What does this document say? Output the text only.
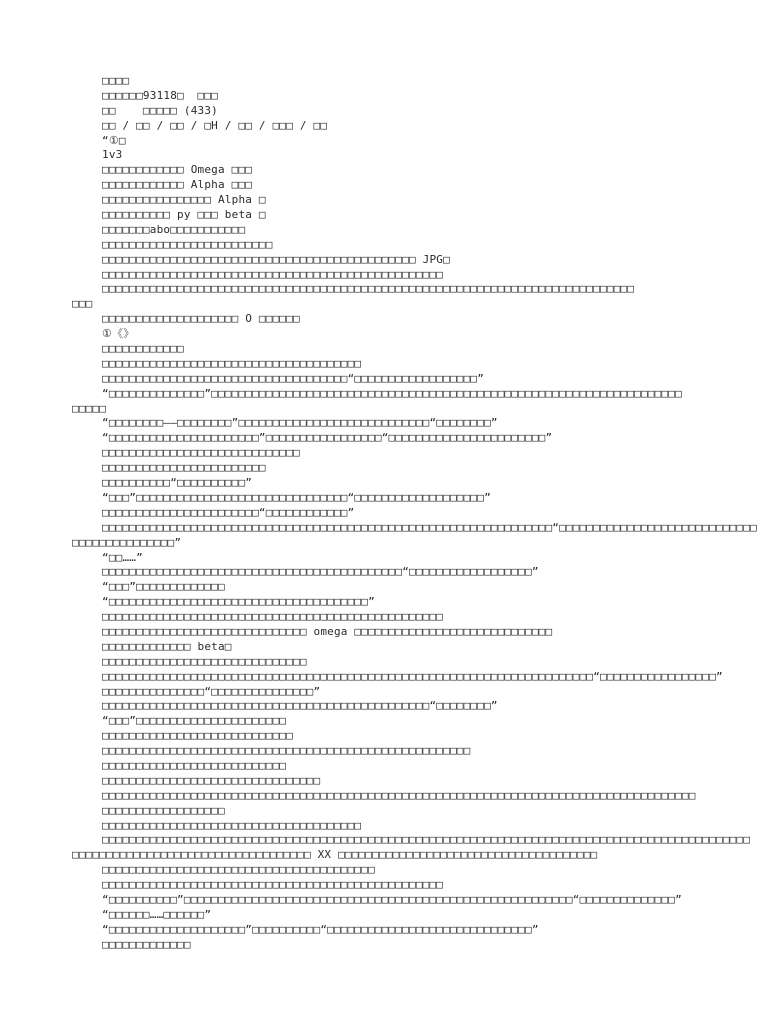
□□□□
□□□□□□93118□  □□□
□□    □□□□□ (433)
□□ / □□ / □□ / □H / □□ / □□□ / □□
“①□
1v3
□□□□□□□□□□□□ Omega □□□
□□□□□□□□□□□□ Alpha □□□
□□□□□□□□□□□□□□□□ Alpha □
□□□□□□□□□□ py □□□ beta □
□□□□□□□abo□□□□□□□□□□□
□□□□□□□□□□□□□□□□□□□□□□□□□
□□□□□□□□□□□□□□□□□□□□□□□□□□□□□□□□□□□□□□□□□□□□□□ JPG□
□□□□□□□□□□□□□□□□□□□□□□□□□□□□□□□□□□□□□□□□□□□□□□□□□□
□□□□□□□□□□□□□□□□□□□□□□□□□□□□□□□□□□□□□□□□□□□□□□□□□□□□□□□□□□□□□□□□□□□□□□□□□□□□□□
□□□
□□□□□□□□□□□□□□□□□□□□ O □□□□□□
①《》
□□□□□□□□□□□□
□□□□□□□□□□□□□□□□□□□□□□□□□□□□□□□□□□□□□□
□□□□□□□□□□□□□□□□□□□□□□□□□□□□□□□□□□□□“□□□□□□□□□□□□□□□□□□”
“□□□□□□□□□□□□□□”□□□□□□□□□□□□□□□□□□□□□□□□□□□□□□□□□□□□□□□□□□□□□□□□□□□□□□□□□□□□□□□□□□□□□
□□□□□
“□□□□□□□□——□□□□□□□□”□□□□□□□□□□□□□□□□□□□□□□□□□□□□“□□□□□□□□”
“□□□□□□□□□□□□□□□□□□□□□□”□□□□□□□□□□□□□□□□□“□□□□□□□□□□□□□□□□□□□□□□□”
□□□□□□□□□□□□□□□□□□□□□□□□□□□□□
□□□□□□□□□□□□□□□□□□□□□□□□
□□□□□□□□□□“□□□□□□□□□□”
“□□□”□□□□□□□□□□□□□□□□□□□□□□□□□□□□□□□“□□□□□□□□□□□□□□□□□□□”
□□□□□□□□□□□□□□□□□□□□□□□“□□□□□□□□□□□□”
□□□□□□□□□□□□□□□□□□□□□□□□□□□□□□□□□□□□□□□□□□□□□□□□□□□□□□□□□□□□□□□□□□“□□□□□□□□□□□□□□□□□□□□□□□□□□□□□
□□□□□□□□□□□□□□□”
“□□……”
□□□□□□□□□□□□□□□□□□□□□□□□□□□□□□□□□□□□□□□□□□□□“□□□□□□□□□□□□□□□□□□”
“□□□”□□□□□□□□□□□□□
“□□□□□□□□□□□□□□□□□□□□□□□□□□□□□□□□□□□□□□”
□□□□□□□□□□□□□□□□□□□□□□□□□□□□□□□□□□□□□□□□□□□□□□□□□□
□□□□□□□□□□□□□□□□□□□□□□□□□□□□□□ omega □□□□□□□□□□□□□□□□□□□□□□□□□□□□□
□□□□□□□□□□□□□ beta□
□□□□□□□□□□□□□□□□□□□□□□□□□□□□□□
□□□□□□□□□□□□□□□□□□□□□□□□□□□□□□□□□□□□□□□□□□□□□□□□□□□□□□□□□□□□□□□□□□□□□□□□“□□□□□□□□□□□□□□□□□”
□□□□□□□□□□□□□□□“□□□□□□□□□□□□□□□”
□□□□□□□□□□□□□□□□□□□□□□□□□□□□□□□□□□□□□□□□□□□□□□□□“□□□□□□□□”
“□□□”□□□□□□□□□□□□□□□□□□□□□□
□□□□□□□□□□□□□□□□□□□□□□□□□□□□
□□□□□□□□□□□□□□□□□□□□□□□□□□□□□□□□□□□□□□□□□□□□□□□□□□□□□□
□□□□□□□□□□□□□□□□□□□□□□□□□□□
□□□□□□□□□□□□□□□□□□□□□□□□□□□□□□□□
□□□□□□□□□□□□□□□□□□□□□□□□□□□□□□□□□□□□□□□□□□□□□□□□□□□□□□□□□□□□□□□□□□□□□□□□□□□□□□□□□□□□□□□
□□□□□□□□□□□□□□□□□□
□□□□□□□□□□□□□□□□□□□□□□□□□□□□□□□□□□□□□□
□□□□□□□□□□□□□□□□□□□□□□□□□□□□□□□□□□□□□□□□□□□□□□□□□□□□□□□□□□□□□□□□□□□□□□□□□□□□□□□□□□□□□□□□□□□□□□□
□□□□□□□□□□□□□□□□□□□□□□□□□□□□□□□□□□□ XX □□□□□□□□□□□□□□□□□□□□□□□□□□□□□□□□□□□□□□
□□□□□□□□□□□□□□□□□□□□□□□□□□□□□□□□□□□□□□□□
□□□□□□□□□□□□□□□□□□□□□□□□□□□□□□□□□□□□□□□□□□□□□□□□□□
“□□□□□□□□□□”□□□□□□□□□□□□□□□□□□□□□□□□□□□□□□□□□□□□□□□□□□□□□□□□□□□□□□□□□“□□□□□□□□□□□□□□”
“□□□□□□……□□□□□□”
“□□□□□□□□□□□□□□□□□□□□”□□□□□□□□□□“□□□□□□□□□□□□□□□□□□□□□□□□□□□□□□”
□□□□□□□□□□□□□
